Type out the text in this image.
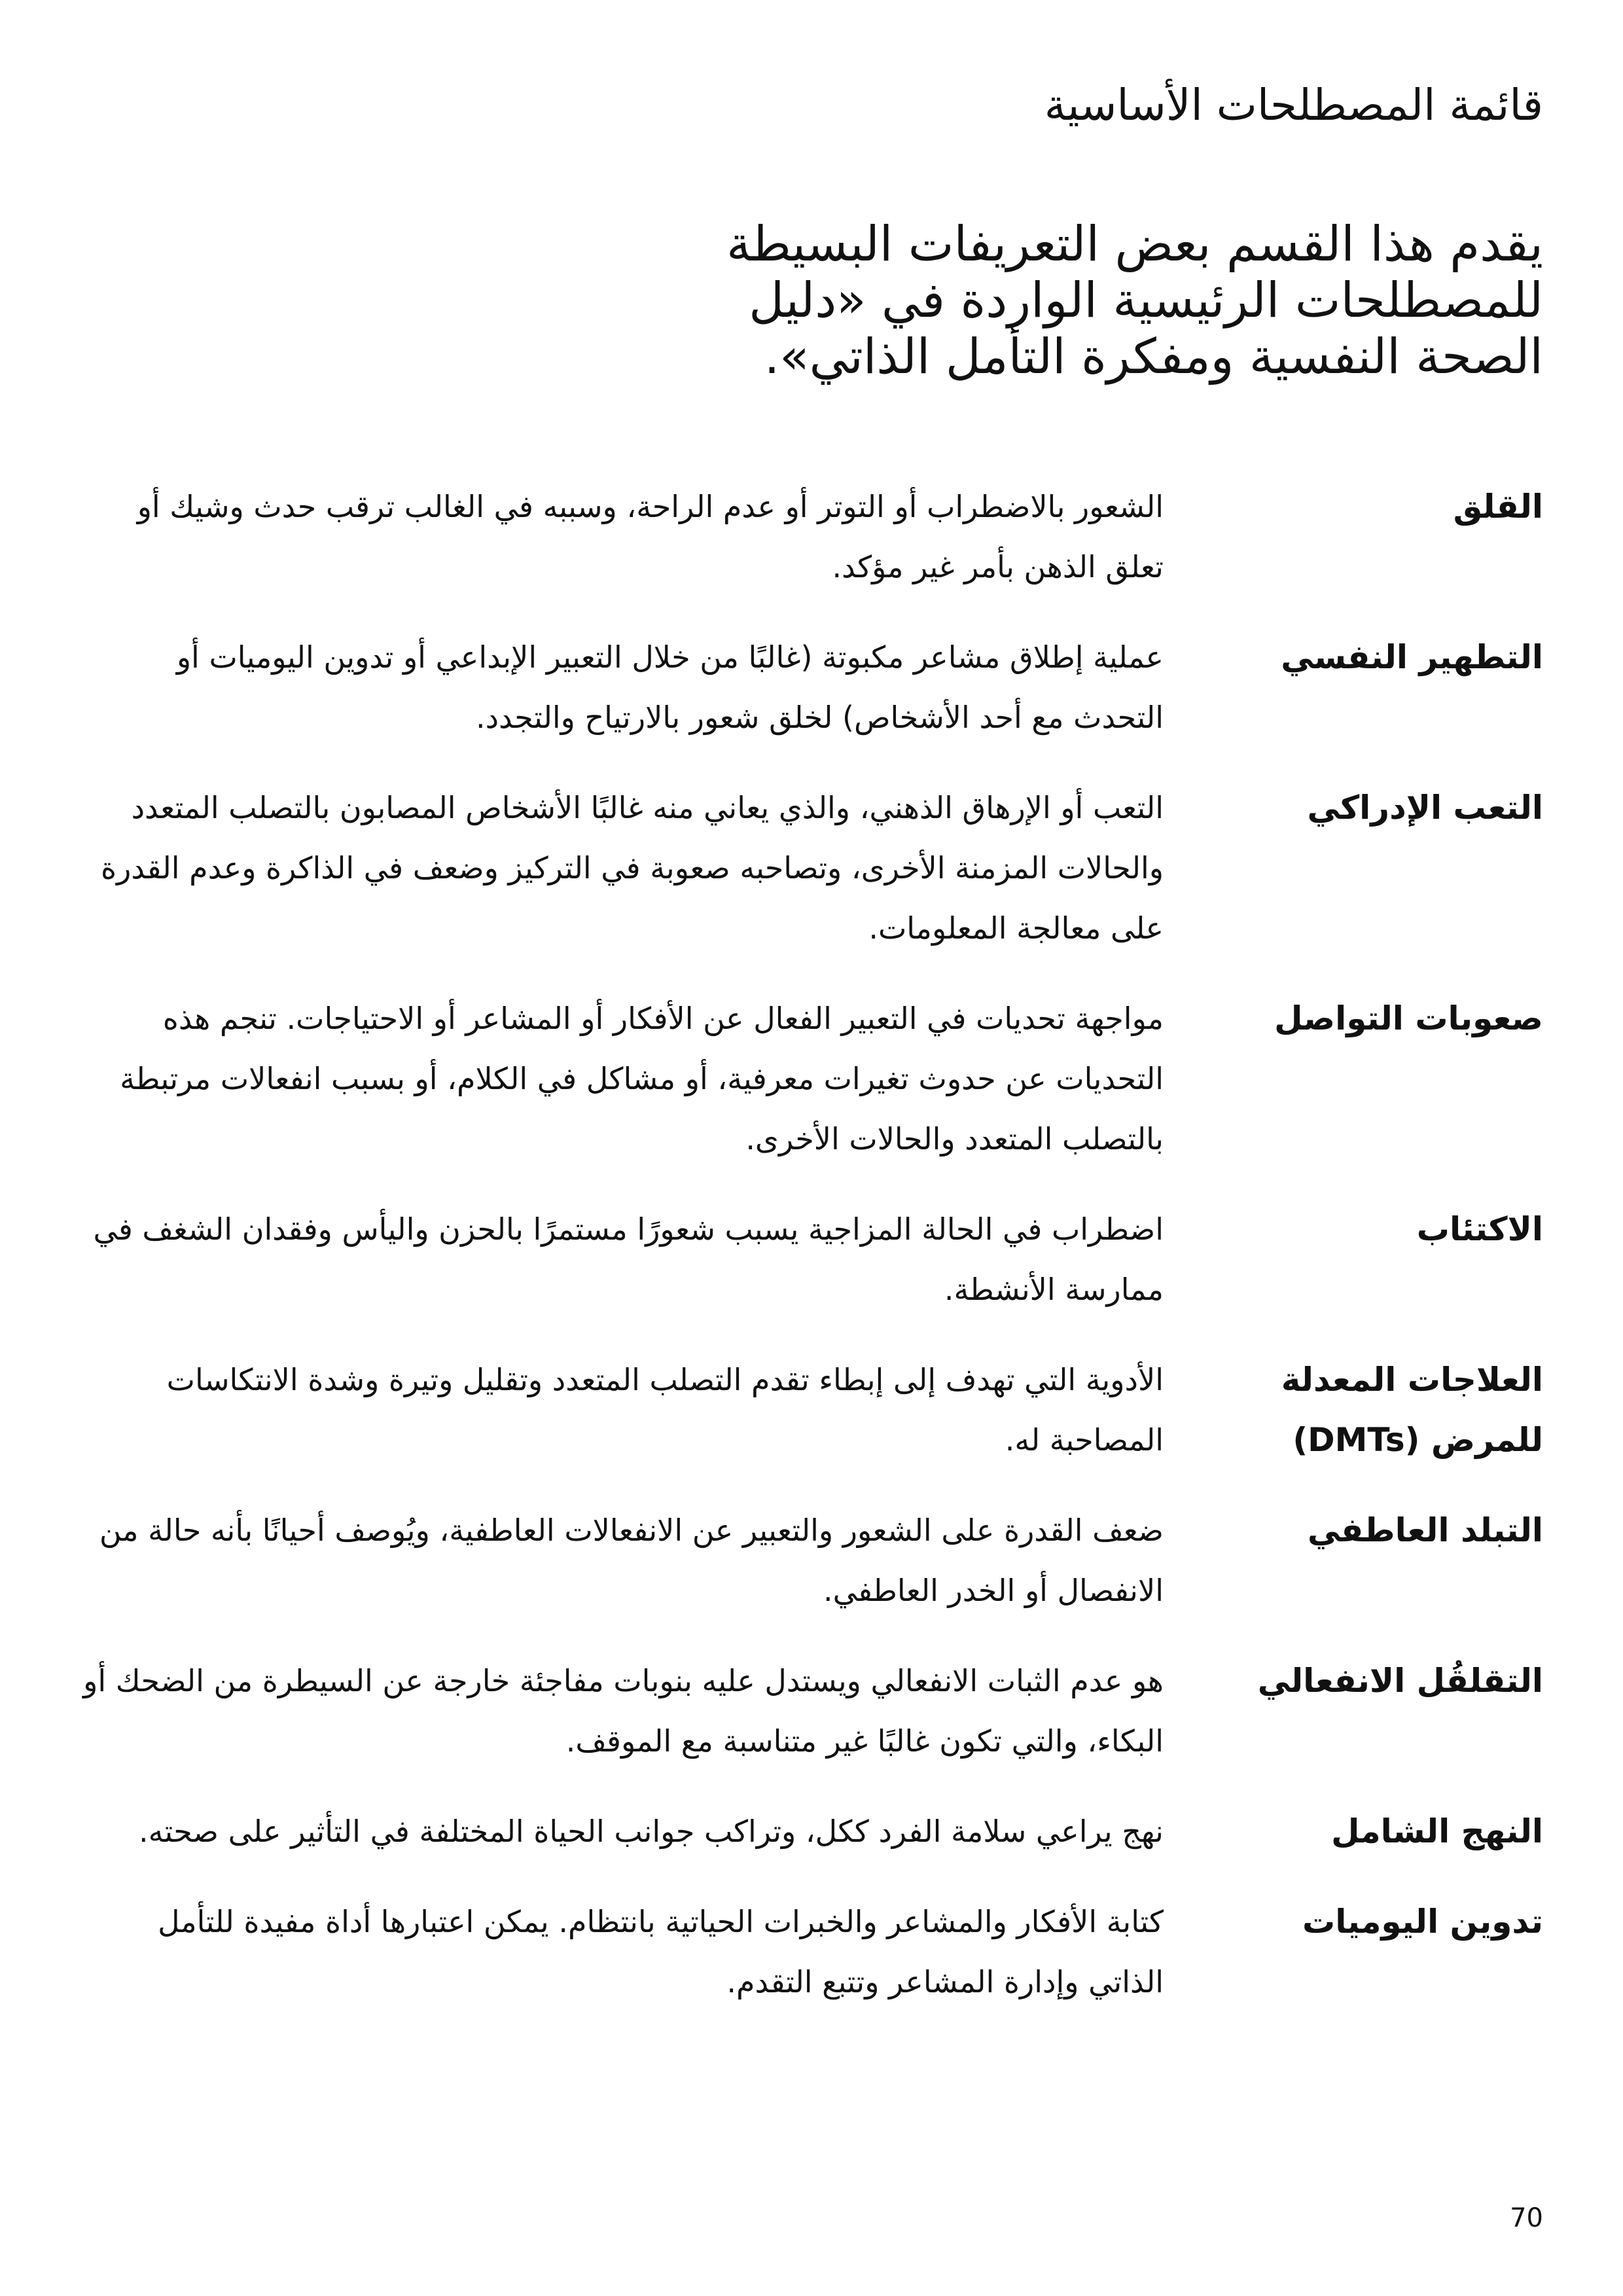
قائمة المصطلحات الأساسية

يقدم هذا القسم بعض التعريفات البسيطة للمصطلحات الرئيسية الواردة في «دليل الصحة النفسية ومفكرة التأمل الذاتي».

القلق
الشعور بالاضطراب أو التوتر أو عدم الراحة، وسببه في الغالب ترقب حدث وشيك أو تعلق الذهن بأمر غير مؤكد.
التطهير النفسي
عملية إطلاق مشاعر مكبوتة (غالبًا من خلال التعبير الإبداعي أو تدوين اليوميات أو التحدث مع أحد الأشخاص) لخلق شعور بالارتياح والتجدد.
التعب الإدراكي
التعب أو الإرهاق الذهني، والذي يعاني منه غالبًا الأشخاص المصابون بالتصلب المتعدد والحالات المزمنة الأخرى، وتصاحبه صعوبة في التركيز وضعف في الذاكرة وعدم القدرة على معالجة المعلومات.
صعوبات التواصل
مواجهة تحديات في التعبير الفعال عن الأفكار أو المشاعر أو الاحتياجات. تنجم هذه التحديات عن حدوث تغيرات معرفية، أو مشاكل في الكلام، أو بسبب انفعالات مرتبطة بالتصلب المتعدد والحالات الأخرى.
الاكتئاب
اضطراب في الحالة المزاجية يسبب شعورًا مستمرًا بالحزن واليأس وفقدان الشغف في ممارسة الأنشطة.
العلاجات المعدلة للمرض (DMTs)
الأدوية التي تهدف إلى إبطاء تقدم التصلب المتعدد وتقليل وتيرة وشدة الانتكاسات المصاحبة له.
التبلد العاطفي
ضعف القدرة على الشعور والتعبير عن الانفعالات العاطفية، ويُوصف أحيانًا بأنه حالة من الانفصال أو الخدر العاطفي.
التقلقُل الانفعالي
هو عدم الثبات الانفعالي ويستدل عليه بنوبات مفاجئة خارجة عن السيطرة من الضحك أو البكاء، والتي تكون غالبًا غير متناسبة مع الموقف.
النهج الشامل
نهج يراعي سلامة الفرد ككل، وتراكب جوانب الحياة المختلفة في التأثير على صحته.
تدوين اليوميات
كتابة الأفكار والمشاعر والخبرات الحياتية بانتظام. يمكن اعتبارها أداة مفيدة للتأمل الذاتي وإدارة المشاعر وتتبع التقدم.

70
